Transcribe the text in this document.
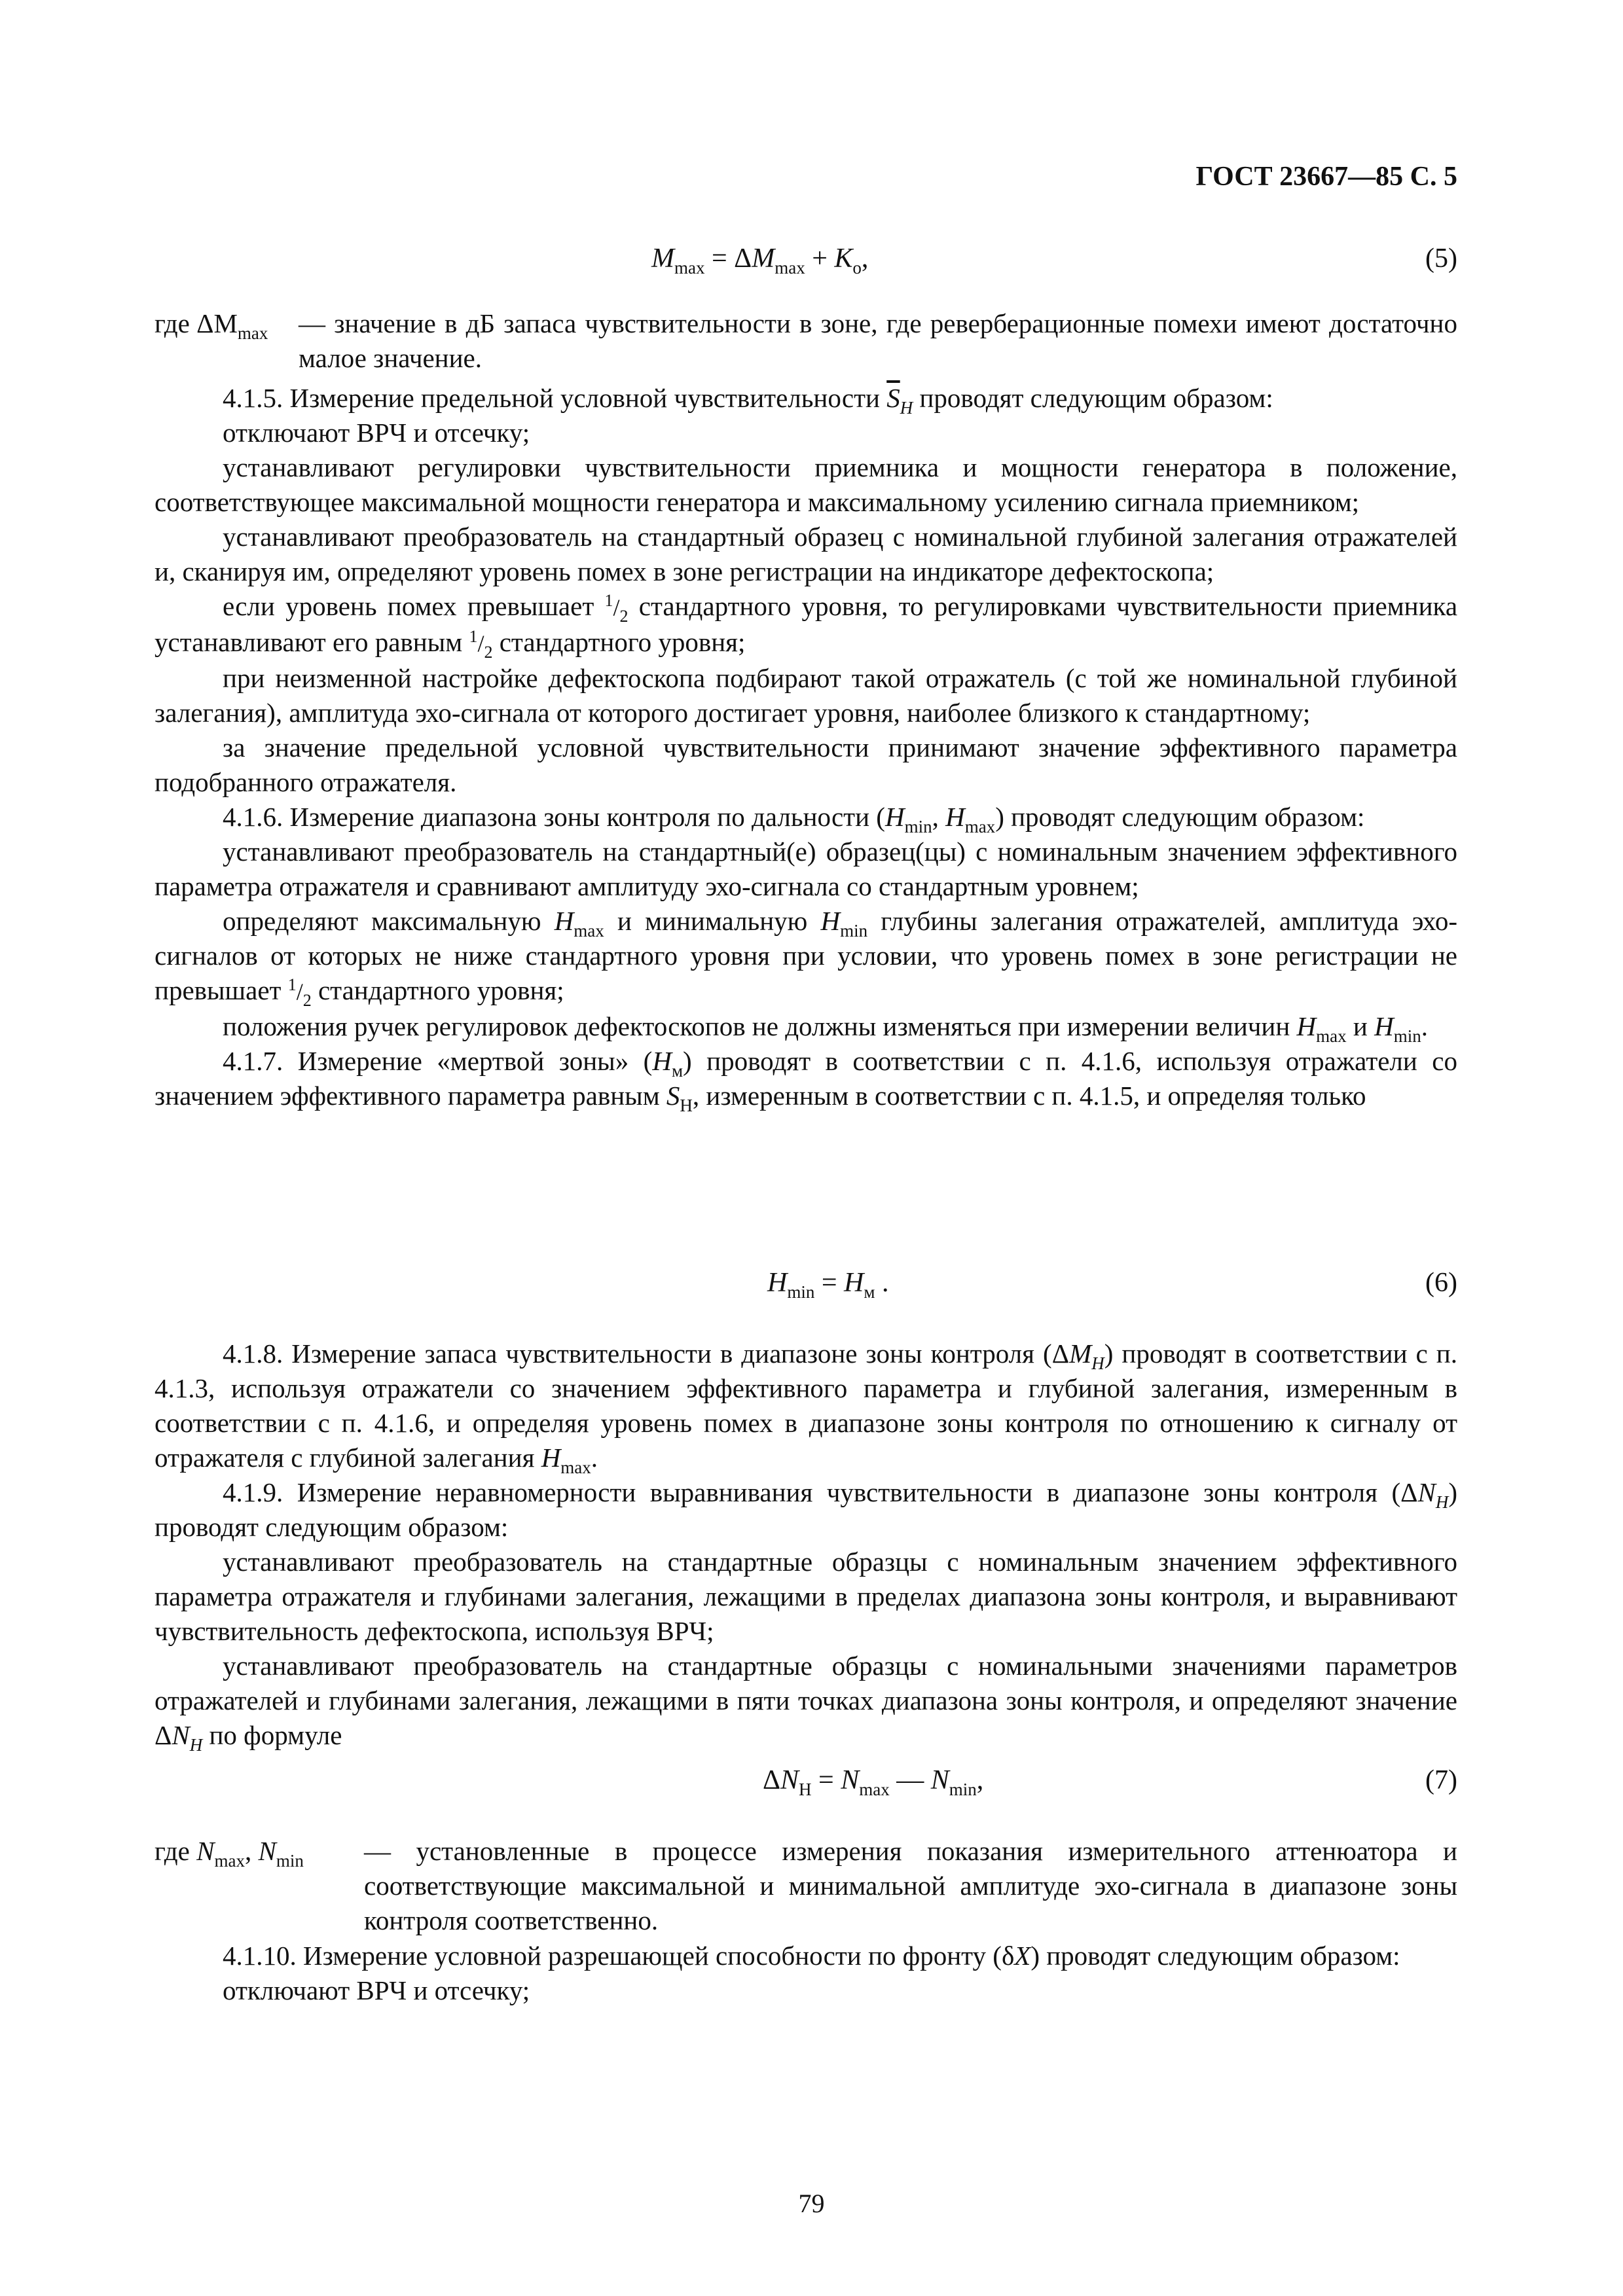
ГОСТ 23667—85 С. 5
$M_{max} = \Delta M_{max} + K_o$,	(5)
где $\Delta M_{max}$	— значение в дБ запаса чувствительности в зоне, где реверберационные помехи имеют достаточно малое значение.

4.1.5. Измерение предельной условной чувствительности $\overline{S}_H$ проводят следующим образом:

отключают ВРЧ и отсечку;

устанавливают регулировки чувствительности приемника и мощности генератора в положение, соответствующее максимальной мощности генератора и максимальному усилению сигнала приемником;

устанавливают преобразователь на стандартный образец с номинальной глубиной залегания отражателей и, сканируя им, определяют уровень помех в зоне регистрации на индикаторе дефектоскопа;

если уровень помех превышает $^1/_2$ стандартного уровня, то регулировками чувствительности приемника устанавливают его равным $^1/_2$ стандартного уровня;

при неизменной настройке дефектоскопа подбирают такой отражатель (с той же номинальной глубиной залегания), амплитуда эхо-сигнала от которого достигает уровня, наиболее близкого к стандартному;

за значение предельной условной чувствительности принимают значение эффективного параметра подобранного отражателя.

4.1.6. Измерение диапазона зоны контроля по дальности ($H_{min}$, $H_{max}$) проводят следующим образом:

устанавливают преобразователь на стандартный(е) образец(цы) с номинальным значением эффективного параметра отражателя и сравнивают амплитуду эхо-сигнала со стандартным уровнем;

определяют максимальную $H_{max}$ и минимальную $H_{min}$ глубины залегания отражателей, амплитуда эхо-сигналов от которых не ниже стандартного уровня при условии, что уровень помех в зоне регистрации не превышает $^1/_2$ стандартного уровня;

положения ручек регулировок дефектоскопов не должны изменяться при измерении величин $H_{max}$ и $H_{min}$.

4.1.7. Измерение «мертвой зоны» $(H_м)$ проводят в соответствии с п. 4.1.6, используя отражатели со значением эффективного параметра равным $S_H$, измеренным в соответствии с п. 4.1.5, и определяя только

$H_{min} = H_м$ .	(6)

4.1.8. Измерение запаса чувствительности в диапазоне зоны контроля $(\Delta M_H)$ проводят в соответствии с п. 4.1.3, используя отражатели со значением эффективного параметра и глубиной залегания, измеренным в соответствии с п. 4.1.6, и определяя уровень помех в диапазоне зоны контроля по отношению к сигналу от отражателя с глубиной залегания $H_{max}$.

4.1.9. Измерение неравномерности выравнивания чувствительности в диапазоне зоны контроля $(\Delta N_H)$ проводят следующим образом:

устанавливают преобразователь на стандартные образцы с номинальным значением эффективного параметра отражателя и глубинами залегания, лежащими в пределах диапазона зоны контроля, и выравнивают чувствительность дефектоскопа, используя ВРЧ;

устанавливают преобразователь на стандартные образцы с номинальными значениями параметров отражателей и глубинами залегания, лежащими в пяти точках диапазона зоны контроля, и определяют значение $\Delta N_H$ по формуле

$\Delta N_H = N_{max}$ — $N_{min}$,	(7)
где $N_{max}$, $N_{min}$	— установленные в процессе измерения показания измерительного аттенюатора и соответствующие максимальной и минимальной амплитуде эхо-сигнала в диапазоне зоны контроля соответственно.

4.1.10. Измерение условной разрешающей способности по фронту (δX) проводят следующим образом:

отключают ВРЧ и отсечку;

79
